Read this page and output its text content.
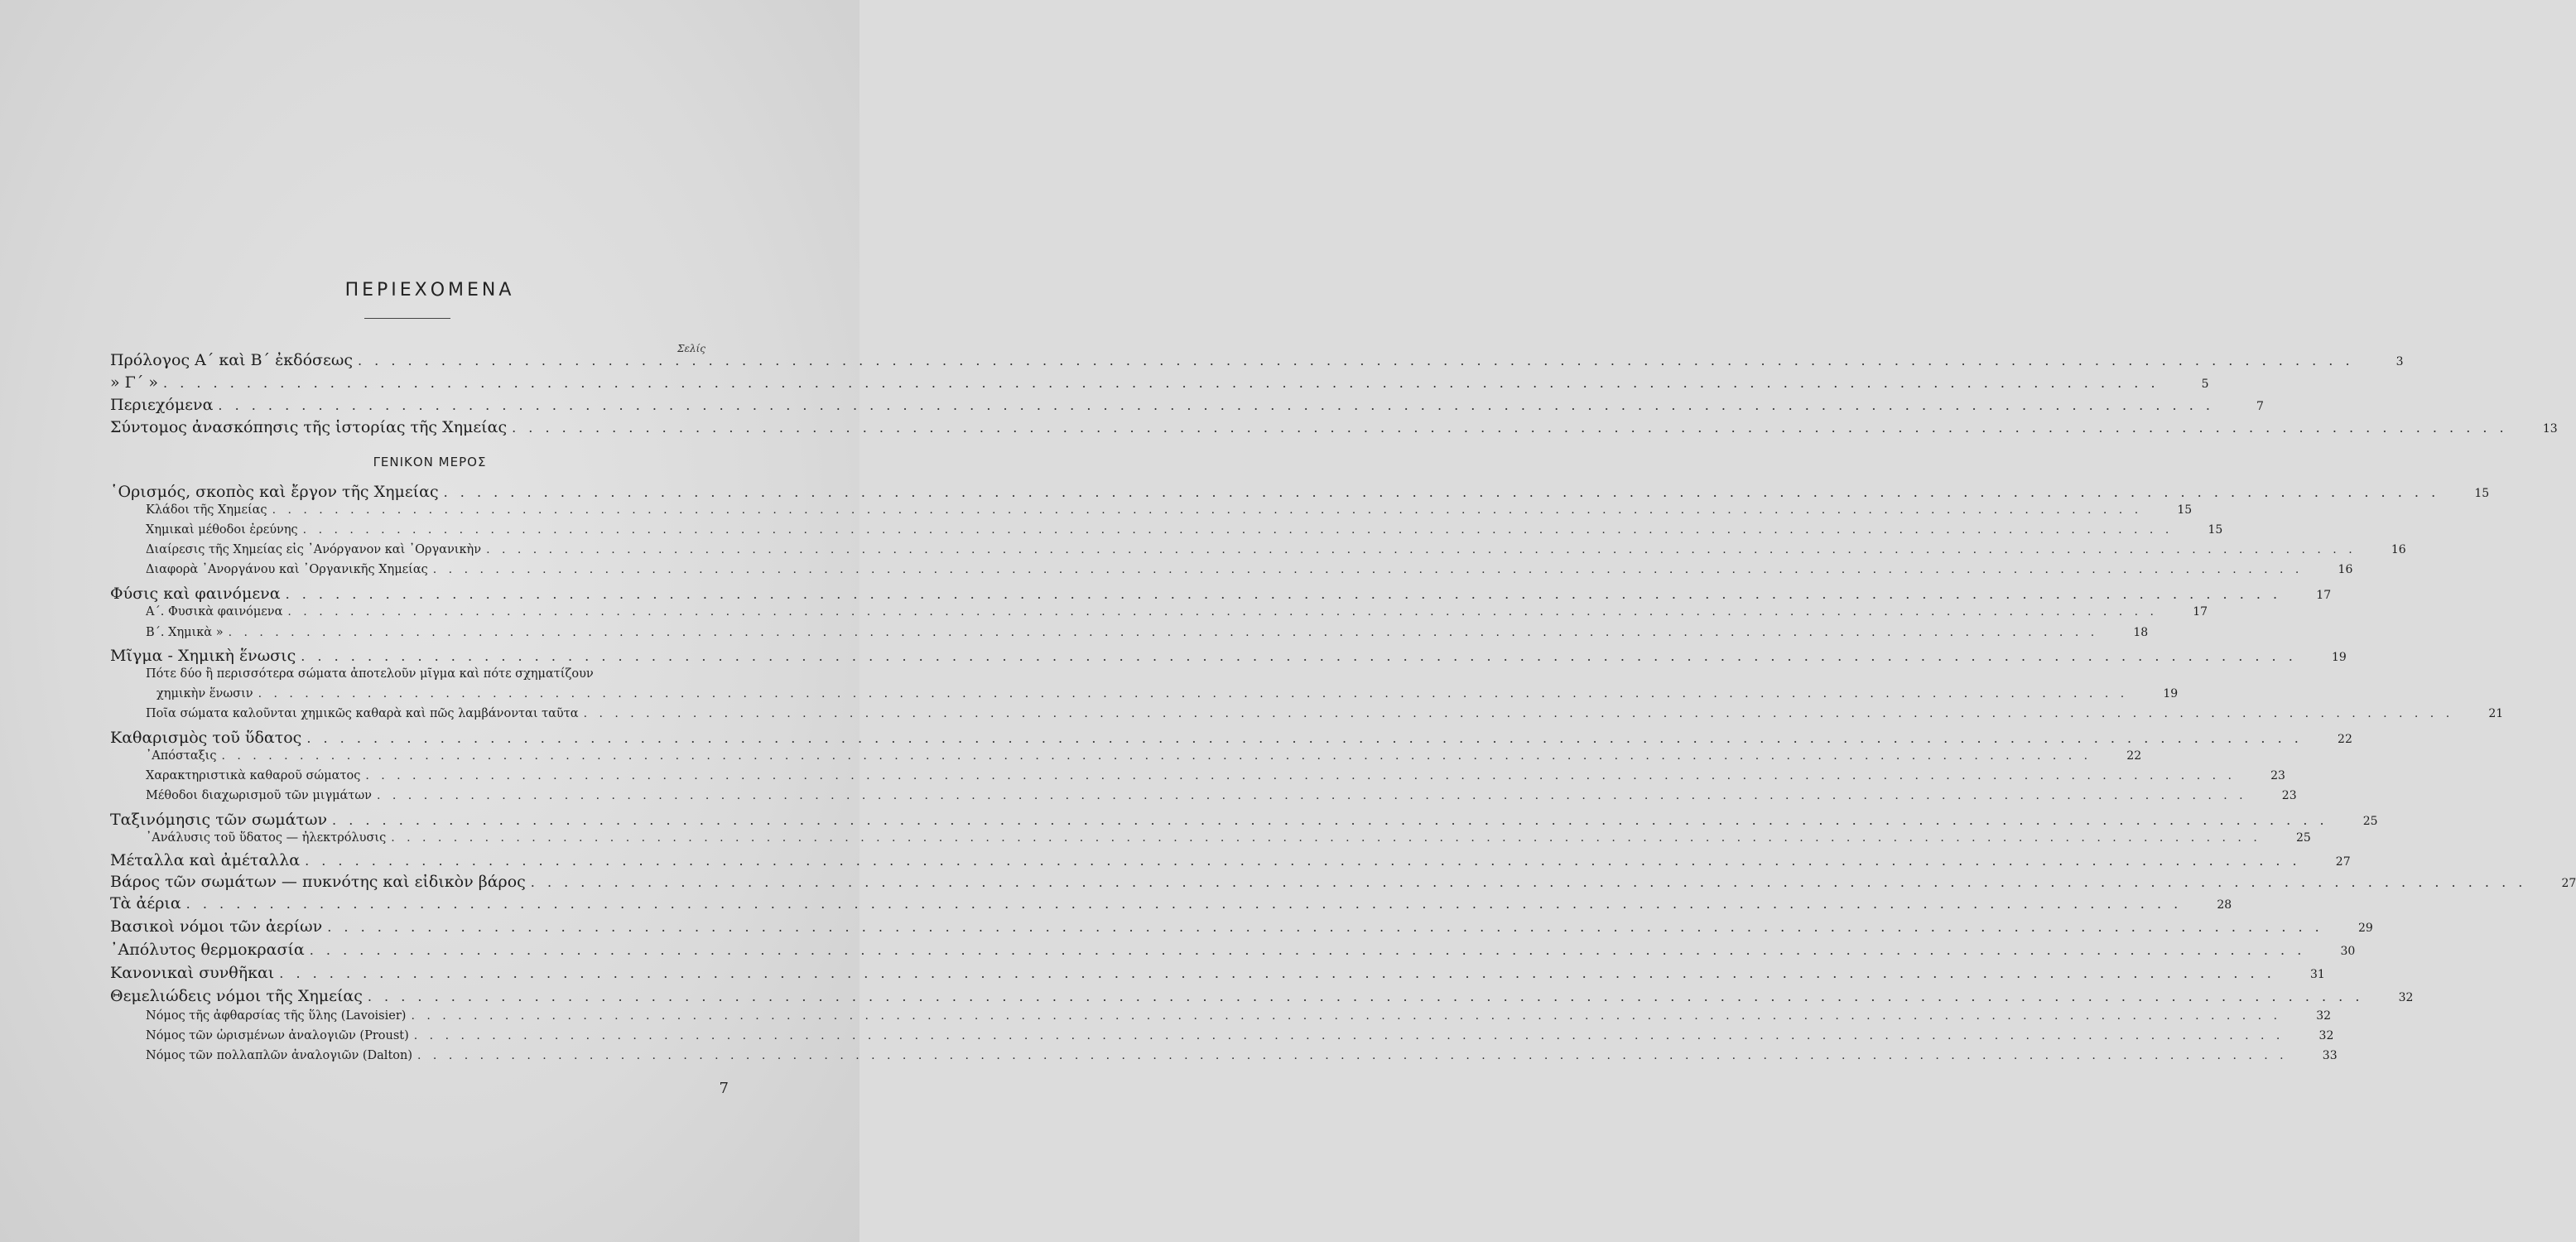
ΠΕΡΙΕΧΟΜΕΝΑ
Σελίς
ΓΕΝΙΚΟΝ ΜΕΡΟΣ
Πρόλογος Α΄ καὶ Β΄ ἐκδόσεως . . . . . . . . . . . . . . . . . . . . . . . . . . . . . . . . . . . . . . . . . . . . . . . . . . . . . . . . . . . . . . . . . . . . . . . . . . . . . . . . . . . . . . . . . . . . . . . . . . . . . . . . . . . . . . . . . . . . . . . .	3
» Γ΄ » . . . . . . . . . . . . . . . . . . . . . . . . . . . . . . . . . . . . . . . . . . . . . . . . . . . . . . . . . . . . . . . . . . . . . . . . . . . . . . . . . . . . . . . . . . . . . . . . . . . . . . . . . . . . . . . . . . . . . . . .	5
Περιεχόμενα . . . . . . . . . . . . . . . . . . . . . . . . . . . . . . . . . . . . . . . . . . . . . . . . . . . . . . . . . . . . . . . . . . . . . . . . . . . . . . . . . . . . . . . . . . . . . . . . . . . . . . . . . . . . . . . . . . . . . . . .	7
Σύντομος ἀνασκόπησις τῆς ἱστορίας τῆς Χημείας . . . . . . . . . . . . . . . . . . . . . . . . . . . . . . . . . . . . . . . . . . . . . . . . . . . . . . . . . . . . . . . . . . . . . . . . . . . . . . . . . . . . . . . . . . . . . . . . . . . . . . . . . . . . . . . . . . . . . . . .	13
῾Ορισμός, σκοπὸς καὶ ἔργον τῆς Χημείας . . . . . . . . . . . . . . . . . . . . . . . . . . . . . . . . . . . . . . . . . . . . . . . . . . . . . . . . . . . . . . . . . . . . . . . . . . . . . . . . . . . . . . . . . . . . . . . . . . . . . . . . . . . . . . . . . . . . . . . .	15
Κλάδοι τῆς Χημείας . . . . . . . . . . . . . . . . . . . . . . . . . . . . . . . . . . . . . . . . . . . . . . . . . . . . . . . . . . . . . . . . . . . . . . . . . . . . . . . . . . . . . . . . . . . . . . . . . . . . . . . . . . . . . . . . . . . . . . . .	15
Χημικαὶ μέθοδοι ἐρεύνης . . . . . . . . . . . . . . . . . . . . . . . . . . . . . . . . . . . . . . . . . . . . . . . . . . . . . . . . . . . . . . . . . . . . . . . . . . . . . . . . . . . . . . . . . . . . . . . . . . . . . . . . . . . . . . . . . . . . . . . .	15
Διαίρεσις τῆς Χημείας εἰς ᾿Ανόργανον καὶ ᾿Οργανικὴν . . . . . . . . . . . . . . . . . . . . . . . . . . . . . . . . . . . . . . . . . . . . . . . . . . . . . . . . . . . . . . . . . . . . . . . . . . . . . . . . . . . . . . . . . . . . . . . . . . . . . . . . . . . . . . . . . . . . . . . .	16
Διαφορὰ ᾿Ανοργάνου καὶ ᾿Οργανικῆς Χημείας . . . . . . . . . . . . . . . . . . . . . . . . . . . . . . . . . . . . . . . . . . . . . . . . . . . . . . . . . . . . . . . . . . . . . . . . . . . . . . . . . . . . . . . . . . . . . . . . . . . . . . . . . . . . . . . . . . . . . . . .	16
Φύσις καὶ φαινόμενα . . . . . . . . . . . . . . . . . . . . . . . . . . . . . . . . . . . . . . . . . . . . . . . . . . . . . . . . . . . . . . . . . . . . . . . . . . . . . . . . . . . . . . . . . . . . . . . . . . . . . . . . . . . . . . . . . . . . . . . .	17
Α΄. Φυσικὰ φαινόμενα . . . . . . . . . . . . . . . . . . . . . . . . . . . . . . . . . . . . . . . . . . . . . . . . . . . . . . . . . . . . . . . . . . . . . . . . . . . . . . . . . . . . . . . . . . . . . . . . . . . . . . . . . . . . . . . . . . . . . . . .	17
Β΄. Χημικὰ » . . . . . . . . . . . . . . . . . . . . . . . . . . . . . . . . . . . . . . . . . . . . . . . . . . . . . . . . . . . . . . . . . . . . . . . . . . . . . . . . . . . . . . . . . . . . . . . . . . . . . . . . . . . . . . . . . . . . . . . .	18
Μῖγμα - Χημικὴ ἕνωσις . . . . . . . . . . . . . . . . . . . . . . . . . . . . . . . . . . . . . . . . . . . . . . . . . . . . . . . . . . . . . . . . . . . . . . . . . . . . . . . . . . . . . . . . . . . . . . . . . . . . . . . . . . . . . . . . . . . . . . . .	19
Πότε δύο ἢ περισσότερα σώματα ἀποτελοῦν μῖγμα καὶ πότε σχηματίζουν
χημικὴν ἕνωσιν . . . . . . . . . . . . . . . . . . . . . . . . . . . . . . . . . . . . . . . . . . . . . . . . . . . . . . . . . . . . . . . . . . . . . . . . . . . . . . . . . . . . . . . . . . . . . . . . . . . . . . . . . . . . . . . . . . . . . . . .	19
Ποῖα σώματα καλοῦνται χημικῶς καθαρὰ καὶ πῶς λαμβάνονται ταῦτα . . . . . . . . . . . . . . . . . . . . . . . . . . . . . . . . . . . . . . . . . . . . . . . . . . . . . . . . . . . . . . . . . . . . . . . . . . . . . . . . . . . . . . . . . . . . . . . . . . . . . . . . . . . . . . . . . . . . . . . .	21
Καθαρισμὸς τοῦ ὕδατος . . . . . . . . . . . . . . . . . . . . . . . . . . . . . . . . . . . . . . . . . . . . . . . . . . . . . . . . . . . . . . . . . . . . . . . . . . . . . . . . . . . . . . . . . . . . . . . . . . . . . . . . . . . . . . . . . . . . . . . .	22
᾿Απόσταξις . . . . . . . . . . . . . . . . . . . . . . . . . . . . . . . . . . . . . . . . . . . . . . . . . . . . . . . . . . . . . . . . . . . . . . . . . . . . . . . . . . . . . . . . . . . . . . . . . . . . . . . . . . . . . . . . . . . . . . . .	22
Χαρακτηριστικὰ καθαροῦ σώματος . . . . . . . . . . . . . . . . . . . . . . . . . . . . . . . . . . . . . . . . . . . . . . . . . . . . . . . . . . . . . . . . . . . . . . . . . . . . . . . . . . . . . . . . . . . . . . . . . . . . . . . . . . . . . . . . . . . . . . . .	23
Μέθοδοι διαχωρισμοῦ τῶν μιγμάτων . . . . . . . . . . . . . . . . . . . . . . . . . . . . . . . . . . . . . . . . . . . . . . . . . . . . . . . . . . . . . . . . . . . . . . . . . . . . . . . . . . . . . . . . . . . . . . . . . . . . . . . . . . . . . . . . . . . . . . . .	23
Ταξινόμησις τῶν σωμάτων . . . . . . . . . . . . . . . . . . . . . . . . . . . . . . . . . . . . . . . . . . . . . . . . . . . . . . . . . . . . . . . . . . . . . . . . . . . . . . . . . . . . . . . . . . . . . . . . . . . . . . . . . . . . . . . . . . . . . . . .	25
᾿Ανάλυσις τοῦ ὕδατος — ἠλεκτρόλυσις . . . . . . . . . . . . . . . . . . . . . . . . . . . . . . . . . . . . . . . . . . . . . . . . . . . . . . . . . . . . . . . . . . . . . . . . . . . . . . . . . . . . . . . . . . . . . . . . . . . . . . . . . . . . . . . . . . . . . . . .	25
Μέταλλα καὶ ἀμέταλλα . . . . . . . . . . . . . . . . . . . . . . . . . . . . . . . . . . . . . . . . . . . . . . . . . . . . . . . . . . . . . . . . . . . . . . . . . . . . . . . . . . . . . . . . . . . . . . . . . . . . . . . . . . . . . . . . . . . . . . . .	27
Βάρος τῶν σωμάτων — πυκνότης καὶ εἰδικὸν βάρος . . . . . . . . . . . . . . . . . . . . . . . . . . . . . . . . . . . . . . . . . . . . . . . . . . . . . . . . . . . . . . . . . . . . . . . . . . . . . . . . . . . . . . . . . . . . . . . . . . . . . . . . . . . . . . . . . . . . . . . .	27
Τὰ ἀέρια . . . . . . . . . . . . . . . . . . . . . . . . . . . . . . . . . . . . . . . . . . . . . . . . . . . . . . . . . . . . . . . . . . . . . . . . . . . . . . . . . . . . . . . . . . . . . . . . . . . . . . . . . . . . . . . . . . . . . . . .	28
Βασικοὶ νόμοι τῶν ἀερίων . . . . . . . . . . . . . . . . . . . . . . . . . . . . . . . . . . . . . . . . . . . . . . . . . . . . . . . . . . . . . . . . . . . . . . . . . . . . . . . . . . . . . . . . . . . . . . . . . . . . . . . . . . . . . . . . . . . . . . . .	29
᾿Απόλυτος θερμοκρασία . . . . . . . . . . . . . . . . . . . . . . . . . . . . . . . . . . . . . . . . . . . . . . . . . . . . . . . . . . . . . . . . . . . . . . . . . . . . . . . . . . . . . . . . . . . . . . . . . . . . . . . . . . . . . . . . . . . . . . . .	30
Κανονικαὶ συνθῆκαι . . . . . . . . . . . . . . . . . . . . . . . . . . . . . . . . . . . . . . . . . . . . . . . . . . . . . . . . . . . . . . . . . . . . . . . . . . . . . . . . . . . . . . . . . . . . . . . . . . . . . . . . . . . . . . . . . . . . . . . .	31
Θεμελιώδεις νόμοι τῆς Χημείας . . . . . . . . . . . . . . . . . . . . . . . . . . . . . . . . . . . . . . . . . . . . . . . . . . . . . . . . . . . . . . . . . . . . . . . . . . . . . . . . . . . . . . . . . . . . . . . . . . . . . . . . . . . . . . . . . . . . . . . .	32
Νόμος τῆς ἀφθαρσίας τῆς ὕλης (Lavoisier) . . . . . . . . . . . . . . . . . . . . . . . . . . . . . . . . . . . . . . . . . . . . . . . . . . . . . . . . . . . . . . . . . . . . . . . . . . . . . . . . . . . . . . . . . . . . . . . . . . . . . . . . . . . . . . . . . . . . . . . .	32
Νόμος τῶν ὡρισμένων ἀναλογιῶν (Proust) . . . . . . . . . . . . . . . . . . . . . . . . . . . . . . . . . . . . . . . . . . . . . . . . . . . . . . . . . . . . . . . . . . . . . . . . . . . . . . . . . . . . . . . . . . . . . . . . . . . . . . . . . . . . . . . . . . . . . . . .	32
Νόμος τῶν πολλαπλῶν ἀναλογιῶν (Dalton) . . . . . . . . . . . . . . . . . . . . . . . . . . . . . . . . . . . . . . . . . . . . . . . . . . . . . . . . . . . . . . . . . . . . . . . . . . . . . . . . . . . . . . . . . . . . . . . . . . . . . . . . . . . . . . . . . . . . . . . .	33
7
